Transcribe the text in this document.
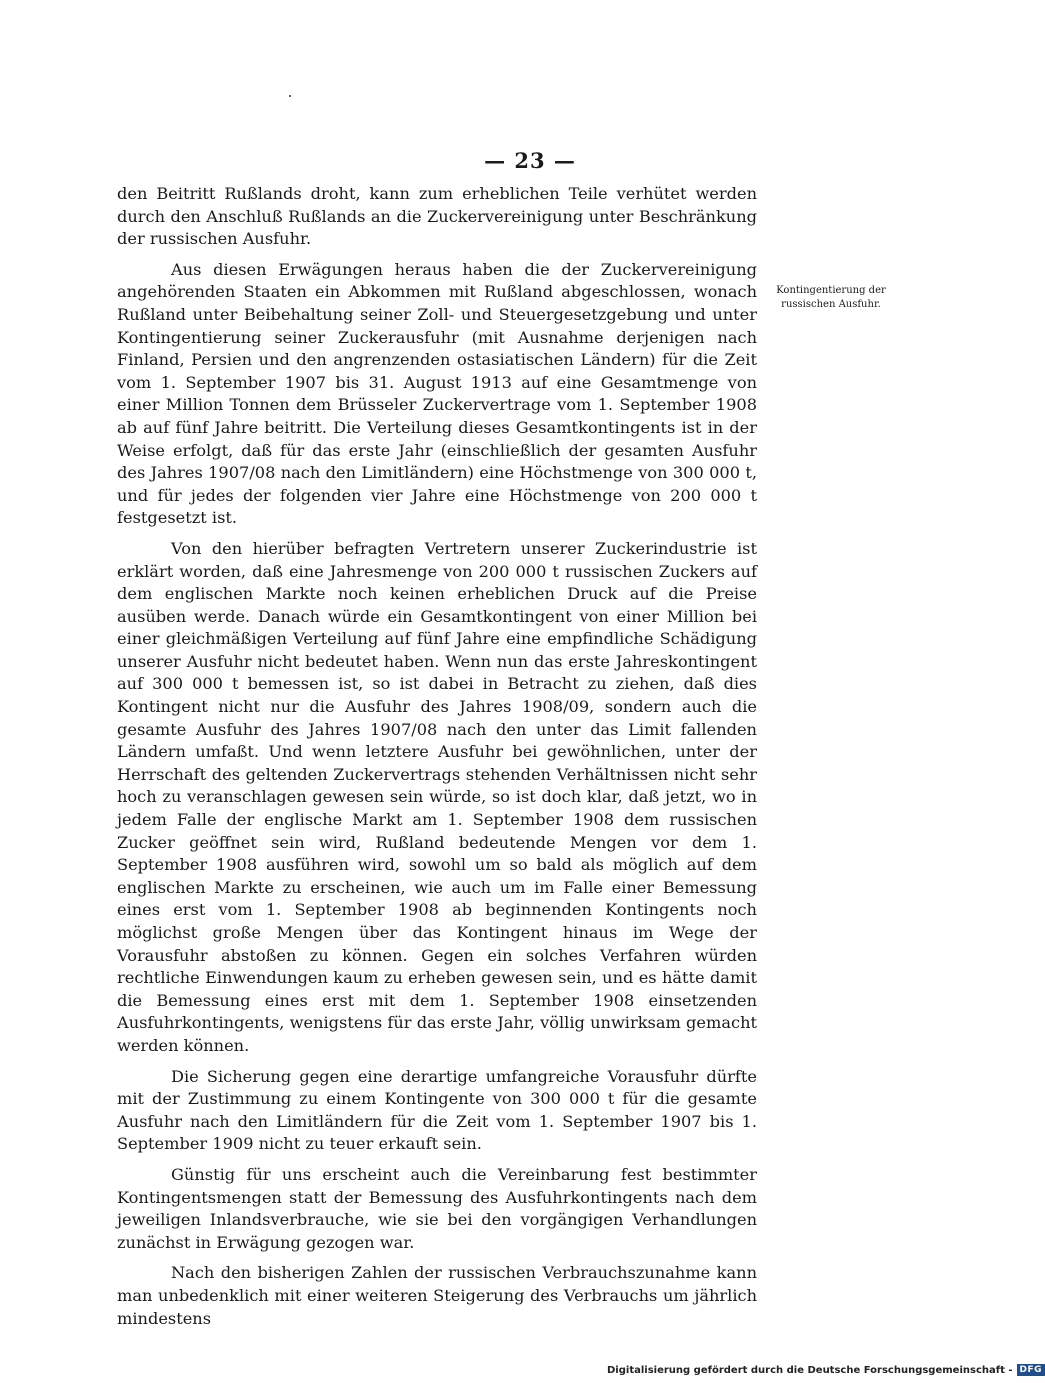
— 23 —

den Beitritt Rußlands droht, kann zum erheblichen Teile verhütet werden durch den Anschluß Rußlands an die Zuckervereinigung unter Beschränkung der russischen Ausfuhr.

Aus diesen Erwägungen heraus haben die der Zuckervereinigung angehörenden Staaten ein Abkommen mit Rußland abgeschlossen, wonach Rußland unter Beibehaltung seiner Zoll- und Steuergesetzgebung und unter Kontingentierung seiner Zuckerausfuhr (mit Ausnahme derjenigen nach Finland, Persien und den angrenzenden ostasiatischen Ländern) für die Zeit vom 1. September 1907 bis 31. August 1913 auf eine Gesamtmenge von einer Million Tonnen dem Brüsseler Zuckervertrage vom 1. September 1908 ab auf fünf Jahre beitritt. Die Verteilung dieses Gesamtkontingents ist in der Weise erfolgt, daß für das erste Jahr (einschließlich der gesamten Ausfuhr des Jahres 1907/08 nach den Limitländern) eine Höchstmenge von 300 000 t, und für jedes der folgenden vier Jahre eine Höchstmenge von 200 000 t festgesetzt ist.

Von den hierüber befragten Vertretern unserer Zuckerindustrie ist erklärt worden, daß eine Jahresmenge von 200 000 t russischen Zuckers auf dem englischen Markte noch keinen erheblichen Druck auf die Preise ausüben werde. Danach würde ein Gesamtkontingent von einer Million bei einer gleichmäßigen Verteilung auf fünf Jahre eine empfindliche Schädigung unserer Ausfuhr nicht bedeutet haben. Wenn nun das erste Jahreskontingent auf 300 000 t bemessen ist, so ist dabei in Betracht zu ziehen, daß dies Kontingent nicht nur die Ausfuhr des Jahres 1908/09, sondern auch die gesamte Ausfuhr des Jahres 1907/08 nach den unter das Limit fallenden Ländern umfaßt. Und wenn letztere Ausfuhr bei gewöhnlichen, unter der Herrschaft des geltenden Zuckervertrags stehenden Verhältnissen nicht sehr hoch zu veranschlagen gewesen sein würde, so ist doch klar, daß jetzt, wo in jedem Falle der englische Markt am 1. September 1908 dem russischen Zucker geöffnet sein wird, Rußland bedeutende Mengen vor dem 1. September 1908 ausführen wird, sowohl um so bald als möglich auf dem englischen Markte zu erscheinen, wie auch um im Falle einer Bemessung eines erst vom 1. September 1908 ab beginnenden Kontingents noch möglichst große Mengen über das Kontingent hinaus im Wege der Vorausfuhr abstoßen zu können. Gegen ein solches Verfahren würden rechtliche Einwendungen kaum zu erheben gewesen sein, und es hätte damit die Bemessung eines erst mit dem 1. September 1908 einsetzenden Ausfuhrkontingents, wenigstens für das erste Jahr, völlig unwirksam gemacht werden können.

Die Sicherung gegen eine derartige umfangreiche Vorausfuhr dürfte mit der Zustimmung zu einem Kontingente von 300 000 t für die gesamte Ausfuhr nach den Limitländern für die Zeit vom 1. September 1907 bis 1. September 1909 nicht zu teuer erkauft sein.

Günstig für uns erscheint auch die Vereinbarung fest bestimmter Kontingentsmengen statt der Bemessung des Ausfuhrkontingents nach dem jeweiligen Inlandsverbrauche, wie sie bei den vorgängigen Verhandlungen zunächst in Erwägung gezogen war.

Nach den bisherigen Zahlen der russischen Verbrauchszunahme kann man unbedenklich mit einer weiteren Steigerung des Verbrauchs um jährlich mindestens

Kontingentierung der
russischen Ausfuhr.
Digitalisierung gefördert durch die Deutsche Forschungsgemeinschaft - DFG
